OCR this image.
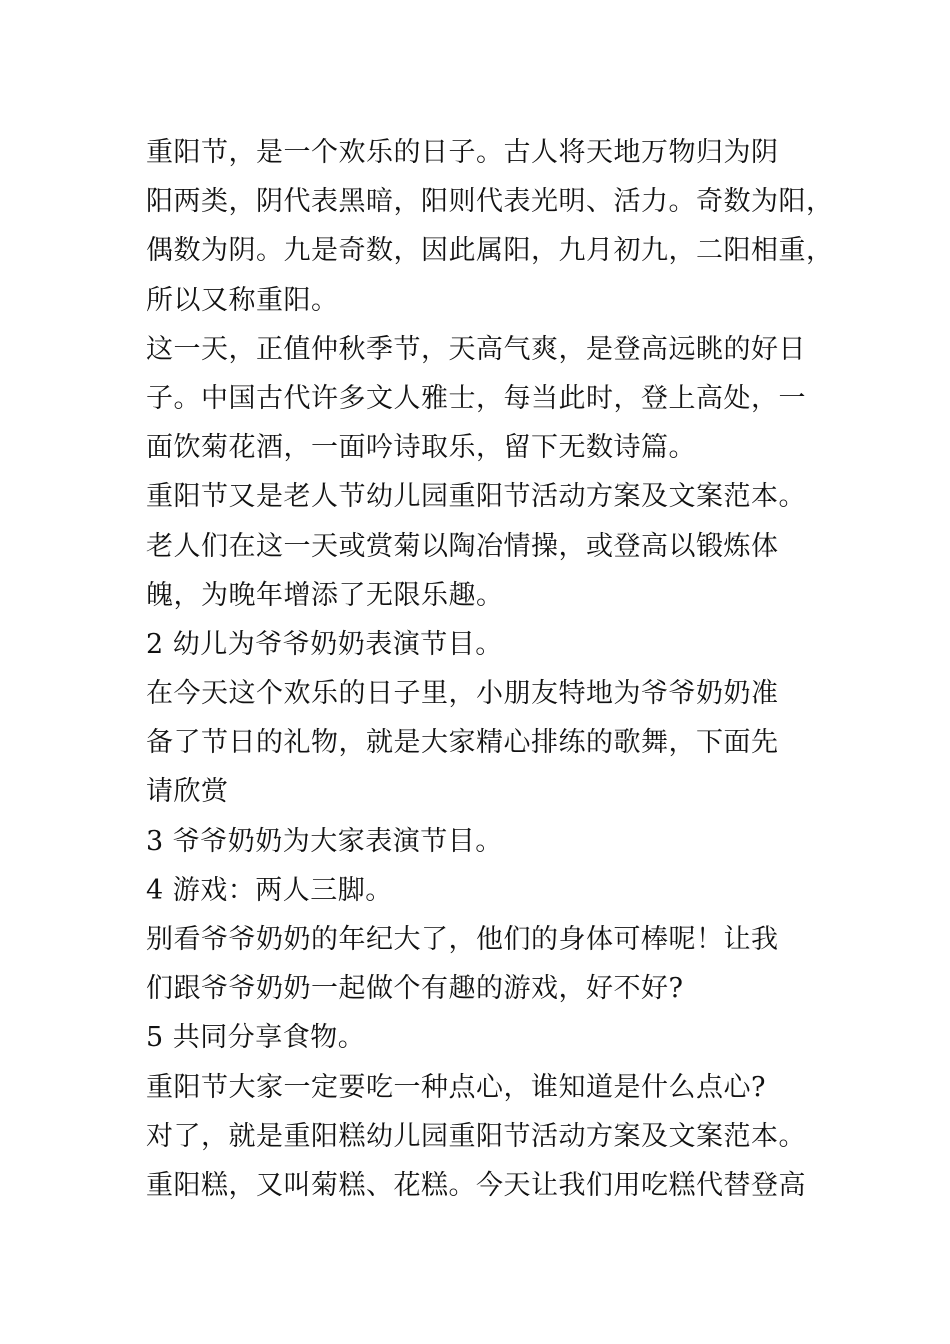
重阳节，是一个欢乐的日子。古人将天地万物归为阴
阳两类，阴代表黑暗，阳则代表光明、活力。奇数为阳，
偶数为阴。九是奇数，因此属阳，九月初九，二阳相重，
所以又称重阳。
这一天，正值仲秋季节，天高气爽，是登高远眺的好日
子。中国古代许多文人雅士，每当此时，登上高处，一
面饮菊花酒，一面吟诗取乐，留下无数诗篇。
重阳节又是老人节幼儿园重阳节活动方案及文案范本。
老人们在这一天或赏菊以陶冶情操，或登高以锻炼体
魄，为晚年增添了无限乐趣。
2 幼儿为爷爷奶奶表演节目。
在今天这个欢乐的日子里，小朋友特地为爷爷奶奶准
备了节日的礼物，就是大家精心排练的歌舞，下面先
请欣赏
3 爷爷奶奶为大家表演节目。
4 游戏：两人三脚。
别看爷爷奶奶的年纪大了，他们的身体可棒呢！让我
们跟爷爷奶奶一起做个有趣的游戏，好不好?
5 共同分享食物。
重阳节大家一定要吃一种点心，谁知道是什么点心?
对了，就是重阳糕幼儿园重阳节活动方案及文案范本。
重阳糕，又叫菊糕、花糕。今天让我们用吃糕代替登高
